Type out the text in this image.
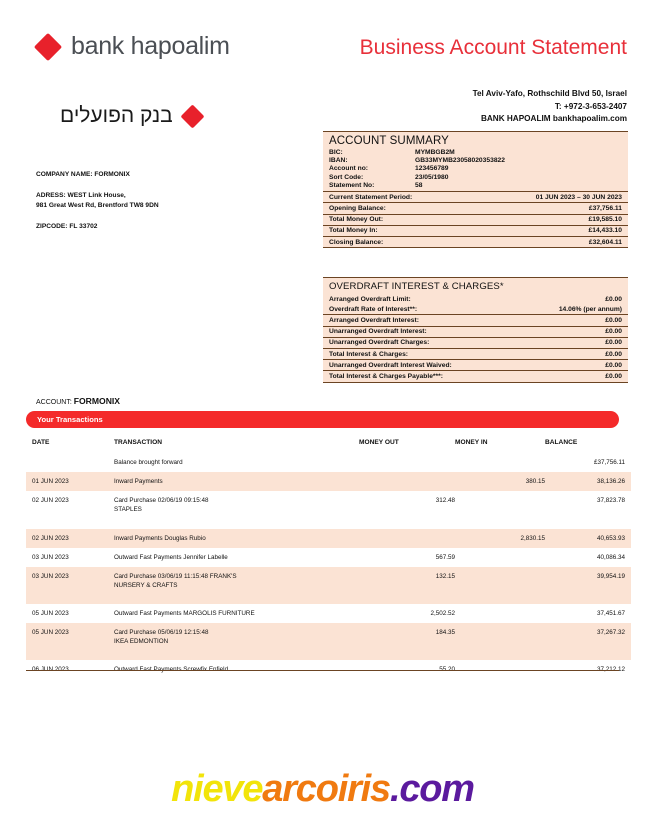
bank hapoalim
בנק הפועלים
Business Account Statement
Tel Aviv-Yafo, Rothschild Blvd 50, Israel
T: +972-3-653-2407
BANK HAPOALIM bankhapoalim.com
COMPANY NAME: FORMONIX
ADRESS: WEST Link House,
981 Great West Rd, Brentford TW8 9DN
ZIPCODE: FL 33702
ACCOUNT SUMMARY
BIC:	MYMBGB2M
IBAN:	GB33MYMB23058020353822
Account no:	123456789
Sort Code:	23/05/1980
Statement No:	58
Current Statement Period:	01 JUN 2023 – 30 JUN 2023
Opening Balance:	£37,756.11
Total Money Out:	£19,585.10
Total Money In:	£14,433.10
Closing Balance:	£32,604.11
OVERDRAFT INTEREST & CHARGES*
Arranged Overdraft Limit:	£0.00
Overdraft Rate of Interest**:	14.06% (per annum)
Arranged Overdraft Interest:	£0.00
Unarranged Overdraft Interest:	£0.00
Unarranged Overdraft Charges:	£0.00
Total Interest & Charges:	£0.00
Unarranged Overdraft Interest Waived:	£0.00
Total Interest & Charges Payable***:	£0.00
ACCOUNT: FORMONIX
Your Transactions
DATE	TRANSACTION	MONEY OUT	MONEY IN	BALANCE

	Balance brought forward			£37,756.11
01 JUN 2023	Inward Payments		380.15	38,136.26
02 JUN 2023	Card Purchase 02/06/19 09:15:48
STAPLES	312.48		37,823.78
02 JUN 2023	Inward Payments Douglas Rubio		2,830.15	40,653.93
03 JUN 2023	Outward Fast Payments Jennifer Labelle	567.59		40,086.34
03 JUN 2023	Card Purchase 03/06/19 11:15:48 FRANK'S
NURSERY & CRAFTS	132.15		39,954.19
05 JUN 2023	Outward Fast Payments MARGOLIS FURNITURE	2,502.52		37,451.67
05 JUN 2023	Card Purchase 05/06/19 12:15:48
IKEA EDMONTION	184.35		37,267.32
06 JUN 2023	Outward Fast Payments Screwfix Enfield	55.20		37,212.12
nievearcoiris.com
